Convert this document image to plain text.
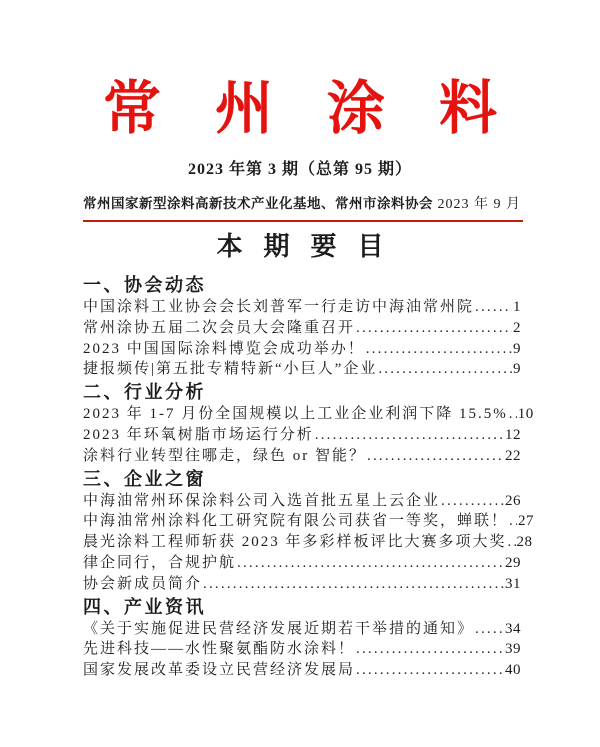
常州涂料
2023 年第 3 期（总第 95 期）
常州国家新型涂料高新技术产业化基地、常州市涂料协会 2023 年 9 月
本期要目
一、协会动态
中国涂料工业协会会长刘普军一行走访中海油常州院 .....	1
常州涂协五届二次会员大会隆重召开 .....	2
2023 中国国际涂料博览会成功举办！ .....	9
捷报频传|第五批专精特新“小巨人”企业 .....	9
二、行业分析
2023 年 1-7 月份全国规模以上工业企业利润下降 15.5% ..... 10
2023 年环氧树脂市场运行分析 .....	12
涂料行业转型往哪走，绿色 or 智能？ .....	22
三、企业之窗
中海油常州环保涂料公司入选首批五星上云企业 .....	26
中海油常州涂料化工研究院有限公司获省一等奖，蝉联！ ..... 27
晨光涂料工程师斩获 2023 年多彩样板评比大赛多项大奖 ..... 28
律企同行，合规护航 .....	29
协会新成员简介 .....	31
四、产业资讯
《关于实施促进民营经济发展近期若干举措的通知》 ..... 34
先进科技——水性聚氨酯防水涂料！ .....	39
国家发展改革委设立民营经济发展局 .....	40
